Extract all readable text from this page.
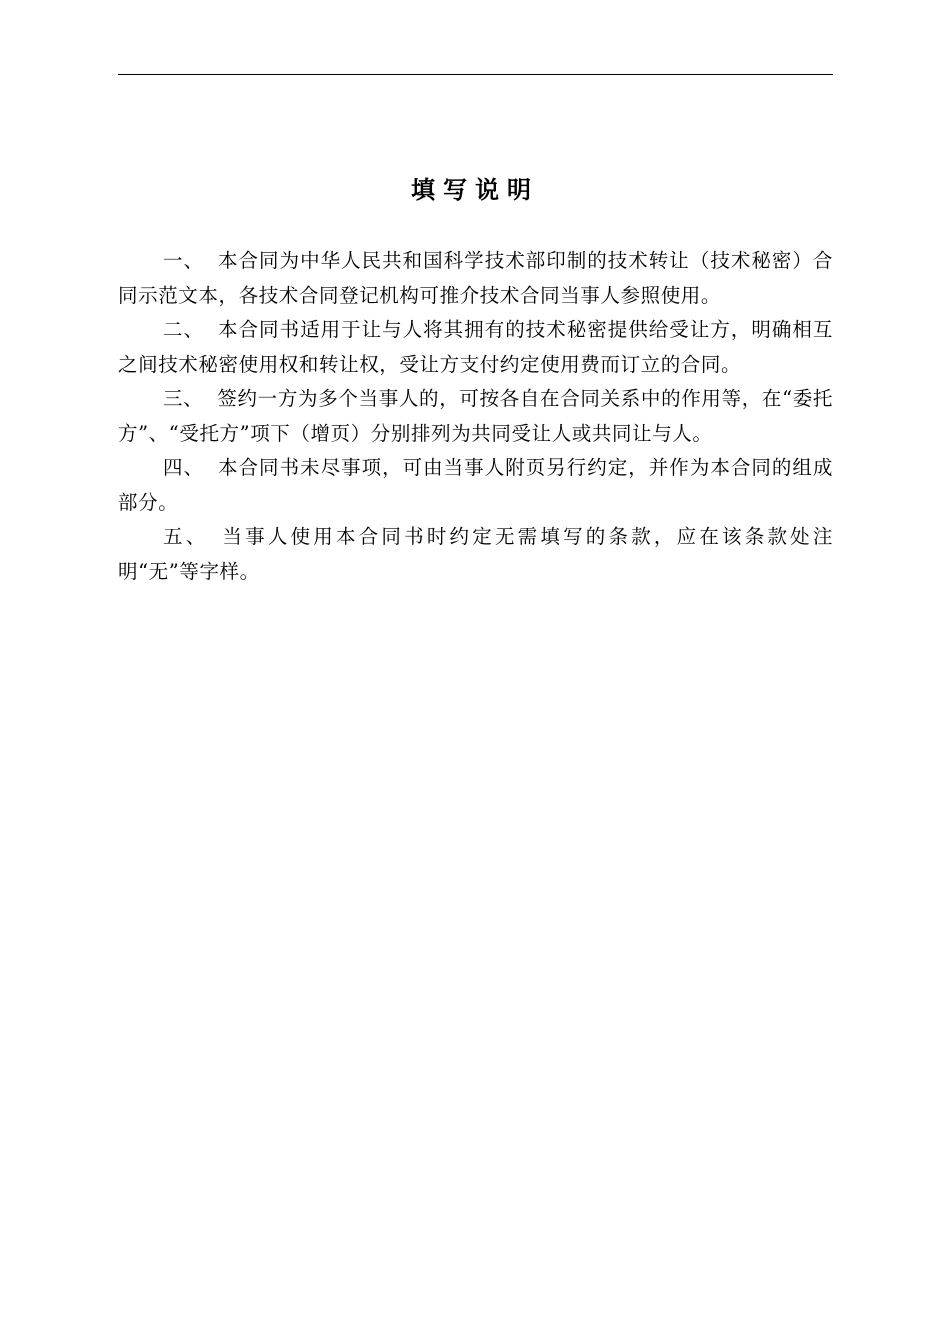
填写说明

一、 本合同为中华人民共和国科学技术部印制的技术转让（技术秘密）合同示范文本，各技术合同登记机构可推介技术合同当事人参照使用。

二、 本合同书适用于让与人将其拥有的技术秘密提供给受让方，明确相互之间技术秘密使用权和转让权，受让方支付约定使用费而订立的合同。

三、 签约一方为多个当事人的，可按各自在合同关系中的作用等，在“委托方”、“受托方”项下（增页）分别排列为共同受让人或共同让与人。

四、 本合同书未尽事项，可由当事人附页另行约定，并作为本合同的组成部分。

五、 当事人使用本合同书时约定无需填写的条款，应在该条款处注明“无”等字样。
